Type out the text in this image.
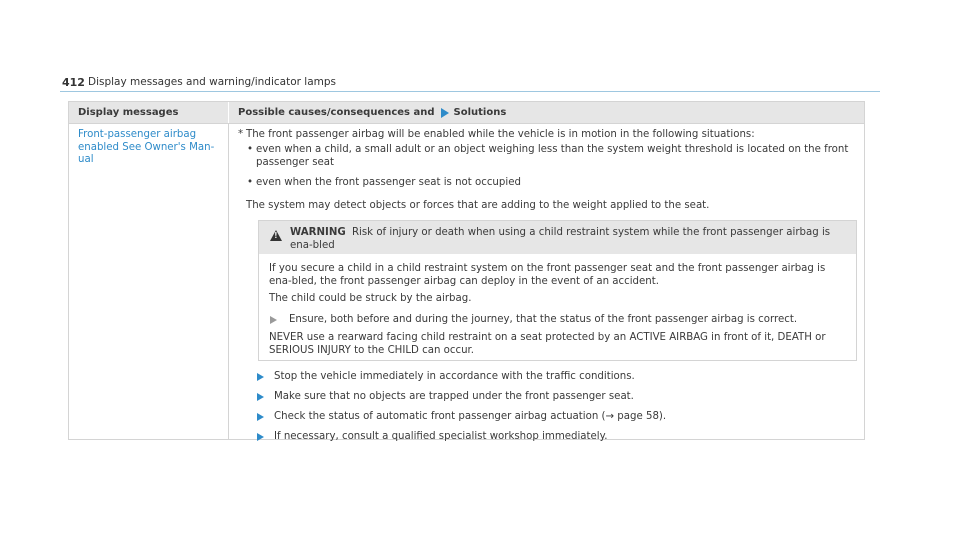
412 Display messages and warning/indicator lamps
Display messages	Possible causes/consequences and Solutions
Front-passenger airbag enabled See Owner's Man-ual
* The front passenger airbag will be enabled while the vehicle is in motion in the following situations:
• even when a child, a small adult or an object weighing less than the system weight threshold is located on the front passenger seat
• even when the front passenger seat is not occupied
The system may detect objects or forces that are adding to the weight applied to the seat.
!
WARNING Risk of injury or death when using a child restraint system while the front passenger airbag is ena-bled
If you secure a child in a child restraint system on the front passenger seat and the front passenger airbag is ena-bled, the front passenger airbag can deploy in the event of an accident.
The child could be struck by the airbag.
Ensure, both before and during the journey, that the status of the front passenger airbag is correct.
NEVER use a rearward facing child restraint on a seat protected by an ACTIVE AIRBAG in front of it, DEATH or SERIOUS INJURY to the CHILD can occur.
Stop the vehicle immediately in accordance with the traffic conditions.
Make sure that no objects are trapped under the front passenger seat.
Check the status of automatic front passenger airbag actuation (→ page 58).
If necessary, consult a qualified specialist workshop immediately.
